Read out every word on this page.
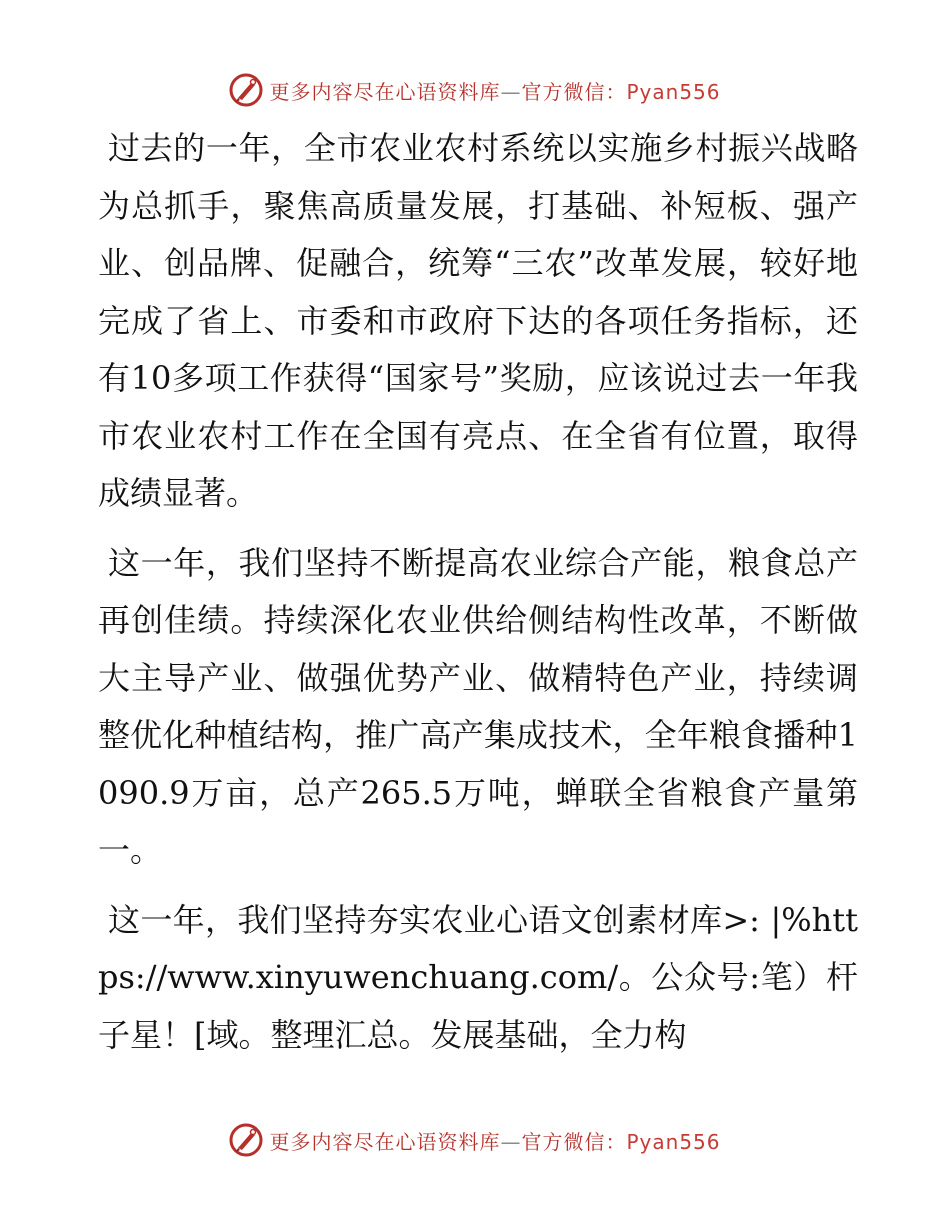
更多内容尽在心语资料库—官方微信：Pyan556

过去的一年，全市农业农村系统以实施乡村振兴战略为总抓手，聚焦高质量发展，打基础、补短板、强产业、创品牌、促融合，统筹“三农”改革发展，较好地完成了省上、市委和市政府下达的各项任务指标，还有10多项工作获得“国家号”奖励，应该说过去一年我市农业农村工作在全国有亮点、在全省有位置，取得成绩显著。

这一年，我们坚持不断提高农业综合产能，粮食总产再创佳绩。持续深化农业供给侧结构性改革，不断做大主导产业、做强优势产业、做精特色产业，持续调整优化种植结构，推广高产集成技术，全年粮食播种1090.9万亩，总产265.5万吨，蝉联全省粮食产量第一。

这一年，我们坚持夯实农业心语文创素材库>: |%https://www.xinyuwenchuang.com/。公众号:笔）杆子星！[域。整理汇总。发展基础，全力构

更多内容尽在心语资料库—官方微信：Pyan556
